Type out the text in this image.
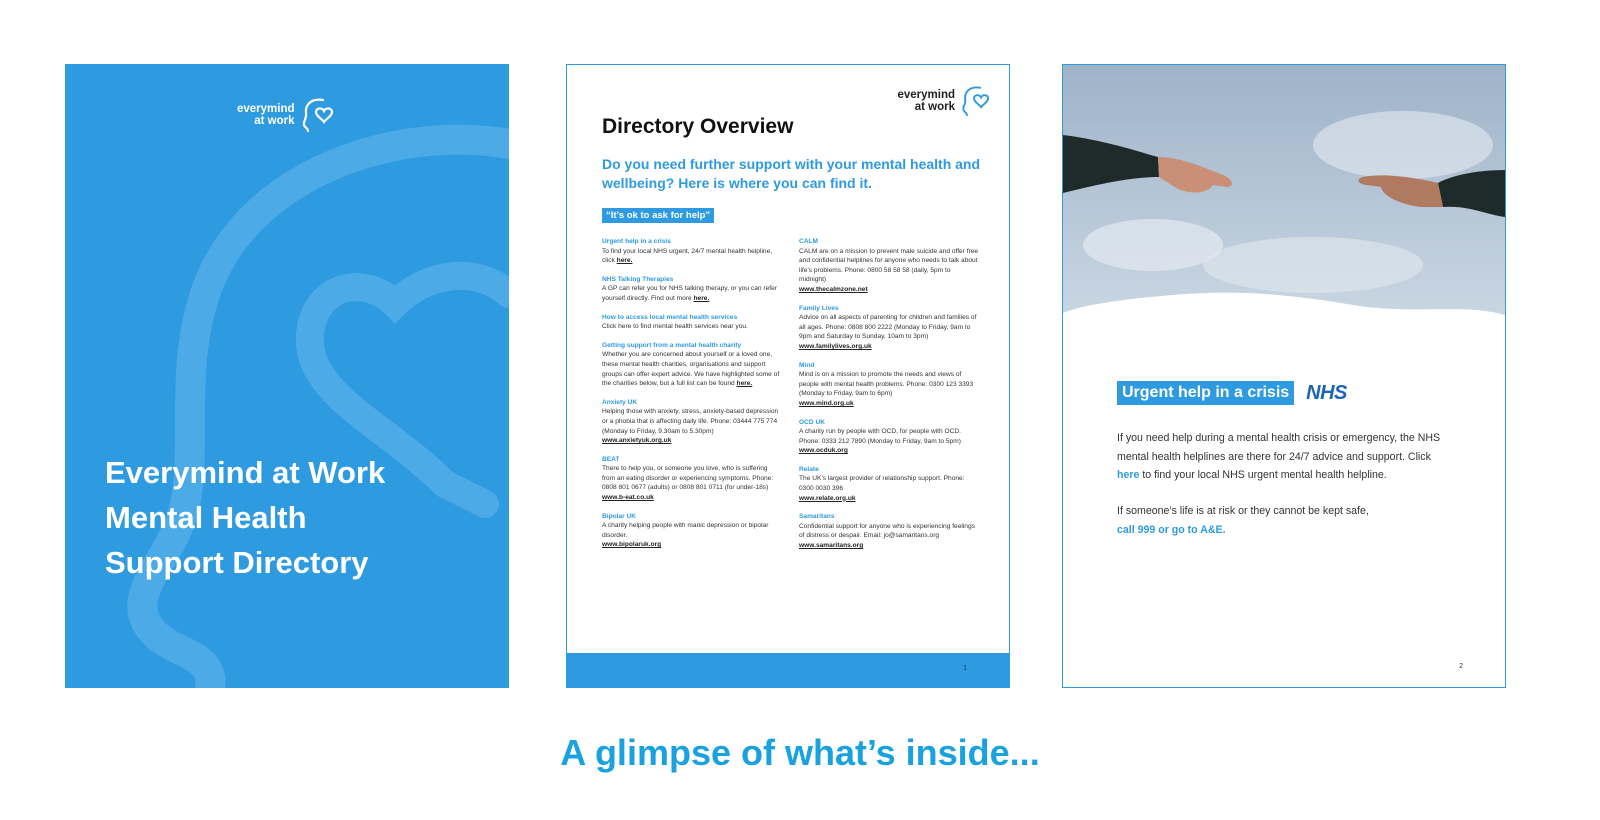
everymind
at work
Everymind at Work
Mental Health
Support Directory
everymind
at work
Directory Overview
Do you need further support with your mental health and wellbeing? Here is where you can find it.
“It’s ok to ask for help”
Urgent help in a crisis
To find your local NHS urgent, 24/7 mental health helpline, click here.
NHS Talking Therapies
A GP can refer you for NHS talking therapy, or you can refer yourself directly. Find out more here.
How to access local mental health services
Click here to find mental health services near you.
Getting support from a mental health charity
Whether you are concerned about yourself or a loved one, these mental health charities, organisations and support groups can offer expert advice. We have highlighted some of the charities below, but a full list can be found here.
Anxiety UK
Helping those with anxiety, stress, anxiety-based depression or a phobia that is affecting daily life. Phone: 03444 775 774 (Monday to Friday, 9.30am to 5.30pm)
www.anxietyuk.org.uk
BEAT
There to help you, or someone you love, who is suffering from an eating disorder or experiencing symptoms. Phone: 0808 801 0677 (adults) or 0808 801 0711 (for under-18s)
www.b-eat.co.uk
Bipolar UK
A charity helping people with manic depression or bipolar disorder.
www.bipolaruk.org
CALM
CALM are on a mission to prevent male suicide and offer free and confidential helplines for anyone who needs to talk about life’s problems. Phone: 0800 58 58 58 (daily, 5pm to midnight)
www.thecalmzone.net
Family Lives
Advice on all aspects of parenting for children and families of all ages. Phone: 0808 800 2222 (Monday to Friday, 9am to 9pm and Saturday to Sunday, 10am to 3pm)
www.familylives.org.uk
Mind
Mind is on a mission to promote the needs and views of people with mental health problems. Phone: 0300 123 3393 (Monday to Friday, 9am to 6pm)
www.mind.org.uk
OCD UK
A charity run by people with OCD, for people with OCD. Phone: 0333 212 7890 (Monday to Friday, 9am to 5pm)
www.ocduk.org
Relate
The UK’s largest provider of relationship support. Phone: 0300 0030 396
www.relate.org.uk
Samaritans
Confidential support for anyone who is experiencing feelings of distress or despair. Email: jo@samaritans.org
www.samaritans.org
1
Urgent help in a crisis NHS
If you need help during a mental health crisis or emergency, the NHS mental health helplines are there for 24/7 advice and support. Click here to find your local NHS urgent mental health helpline.
If someone’s life is at risk or they cannot be kept safe,
call 999 or go to A&E.
2
A glimpse of what’s inside...
